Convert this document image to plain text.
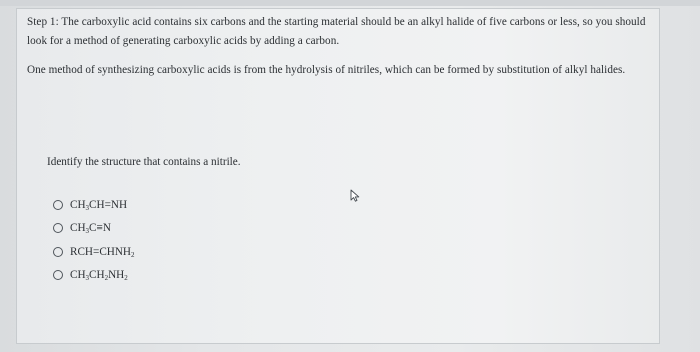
Step 1: The carboxylic acid contains six carbons and the starting material should be an alkyl halide of five carbons or less, so you should look for a method of generating carboxylic acids by adding a carbon.

One method of synthesizing carboxylic acids is from the hydrolysis of nitriles, which can be formed by substitution of alkyl halides.

Identify the structure that contains a nitrile.
$CH_3CH=NH$
$CH_3C\equiv N$
$RCH=CHNH_2$
$CH_3CH_2NH_2$
